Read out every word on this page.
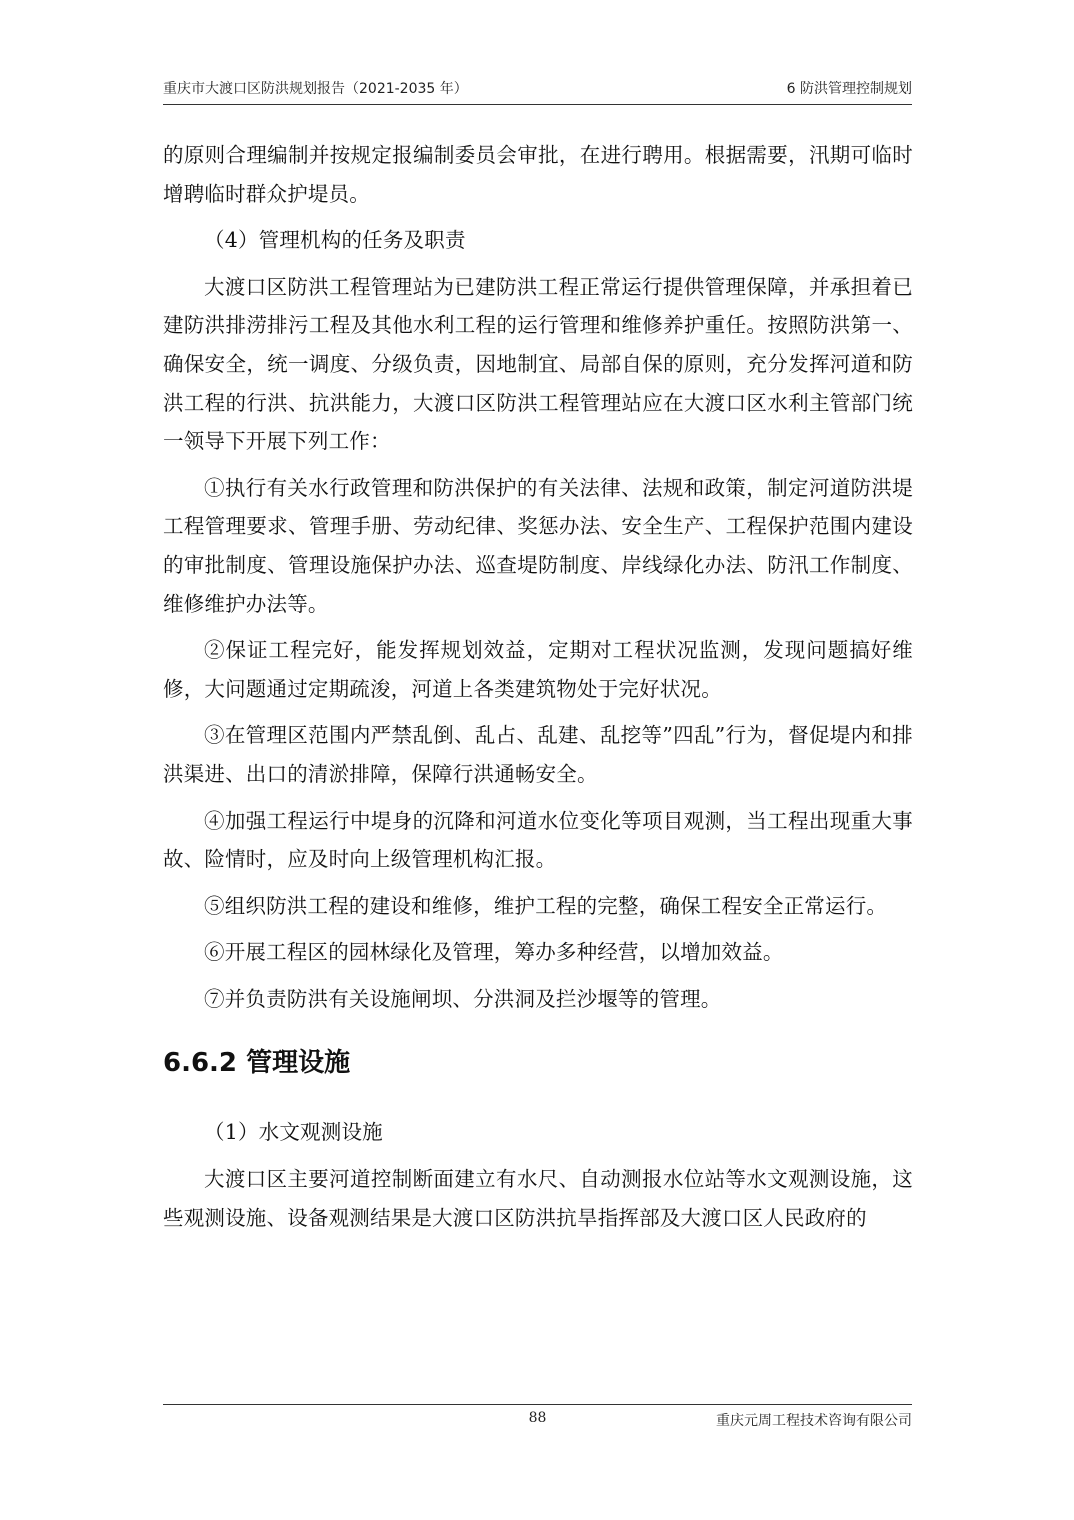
重庆市大渡口区防洪规划报告（2021-2035 年）	6 防洪管理控制规划

的原则合理编制并按规定报编制委员会审批，在进行聘用。根据需要，汛期可临时增聘临时群众护堤员。

（4）管理机构的任务及职责

大渡口区防洪工程管理站为已建防洪工程正常运行提供管理保障，并承担着已建防洪排涝排污工程及其他水利工程的运行管理和维修养护重任。按照防洪第一、确保安全，统一调度、分级负责，因地制宜、局部自保的原则，充分发挥河道和防洪工程的行洪、抗洪能力，大渡口区防洪工程管理站应在大渡口区水利主管部门统一领导下开展下列工作：

①执行有关水行政管理和防洪保护的有关法律、法规和政策，制定河道防洪堤工程管理要求、管理手册、劳动纪律、奖惩办法、安全生产、工程保护范围内建设的审批制度、管理设施保护办法、巡查堤防制度、岸线绿化办法、防汛工作制度、维修维护办法等。

②保证工程完好，能发挥规划效益，定期对工程状况监测，发现问题搞好维修，大问题通过定期疏浚，河道上各类建筑物处于完好状况。

③在管理区范围内严禁乱倒、乱占、乱建、乱挖等”四乱”行为，督促堤内和排洪渠进、出口的清淤排障，保障行洪通畅安全。

④加强工程运行中堤身的沉降和河道水位变化等项目观测，当工程出现重大事故、险情时，应及时向上级管理机构汇报。

⑤组织防洪工程的建设和维修，维护工程的完整，确保工程安全正常运行。

⑥开展工程区的园林绿化及管理，筹办多种经营，以增加效益。

⑦并负责防洪有关设施闸坝、分洪洞及拦沙堰等的管理。

6.6.2 管理设施

（1）水文观测设施

大渡口区主要河道控制断面建立有水尺、自动测报水位站等水文观测设施，这些观测设施、设备观测结果是大渡口区防洪抗旱指挥部及大渡口区人民政府的

88	重庆元周工程技术咨询有限公司
